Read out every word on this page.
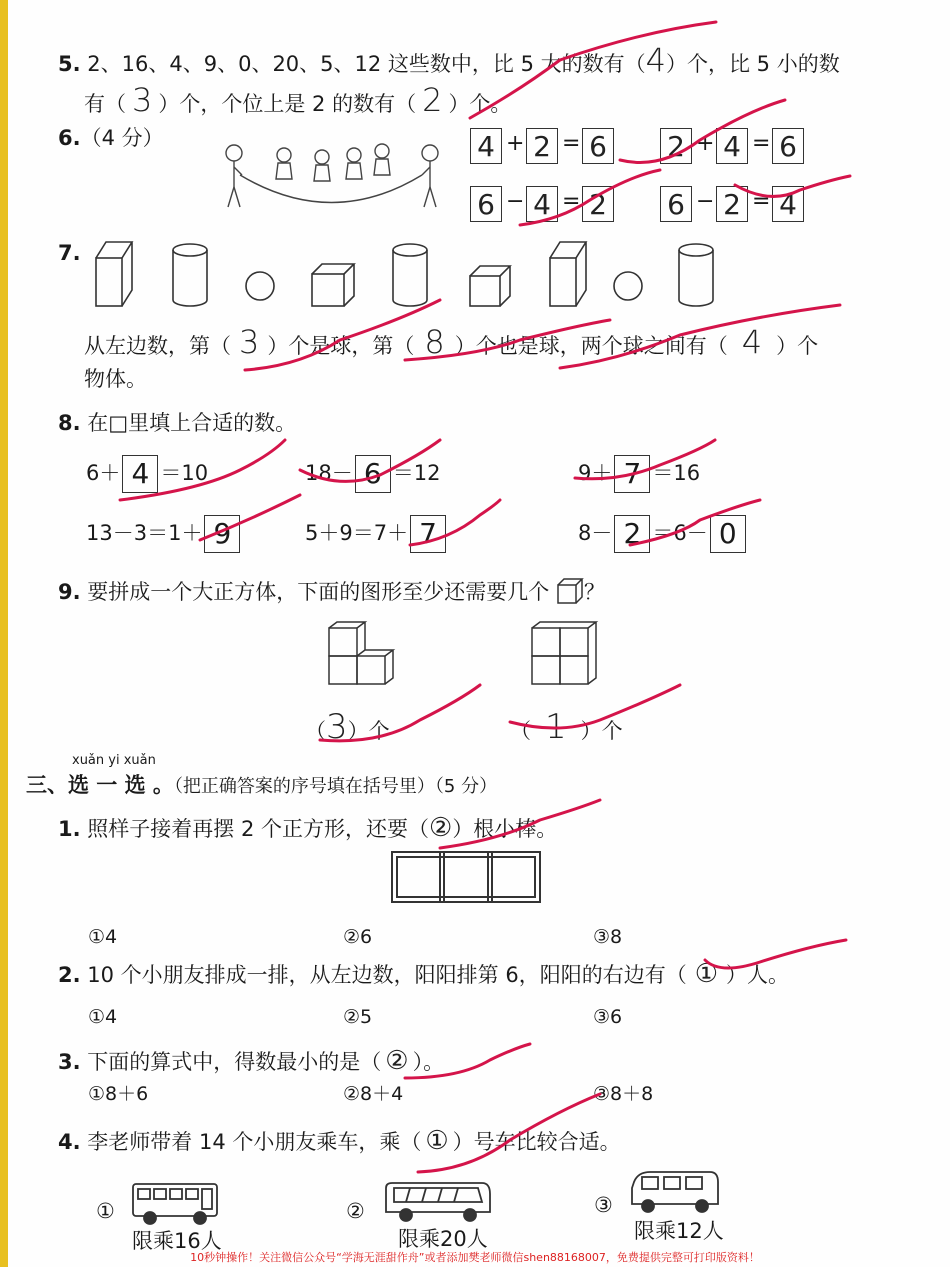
5. 2、16、4、9、0、20、5、12 这些数中，比 5 大的数有（4）个，比 5 小的数
有（ 3 ）个，个位上是 2 的数有（ 2 ）个。
6.（4 分）	4 + 2 = 6 2 + 4 = 6
6 − 4 = 2 6 − 2 = 4
7.
从左边数，第（ 3 ）个是球，第（ 8 ）个也是球，两个球之间有（ 4 ）个
物体。
8. 在□里填上合适的数。
6＋ 4 ＝10	18－ 6 ＝12	9＋ 7 ＝16
13－3＝1＋ 9	5＋9＝7＋ 7	8－ 2 ＝6－ 0
9. 要拼成一个大正方体，下面的图形至少还需要几个 ？
（3）个	（ 1 ）个
xuǎn yi xuǎn
三、选 一 选 。（把正确答案的序号填在括号里）（5 分）
1. 照样子接着再摆 2 个正方形，还要（②）根小棒。
①4	②6	③8
2. 10 个小朋友排成一排，从左边数，阳阳排第 6，阳阳的右边有（ ① ）人。
①4	②5	③6
3. 下面的算式中，得数最小的是（ ② ）。
①8＋6	②8＋4	③8＋8
4. 李老师带着 14 个小朋友乘车，乘（ ① ）号车比较合适。
①
限乘16人
②
限乘20人
③
限乘12人
10秒钟操作！关注微信公众号“学海无涯甜作舟”或者添加樊老师微信shen88168007，免费提供完整可打印版资料！
